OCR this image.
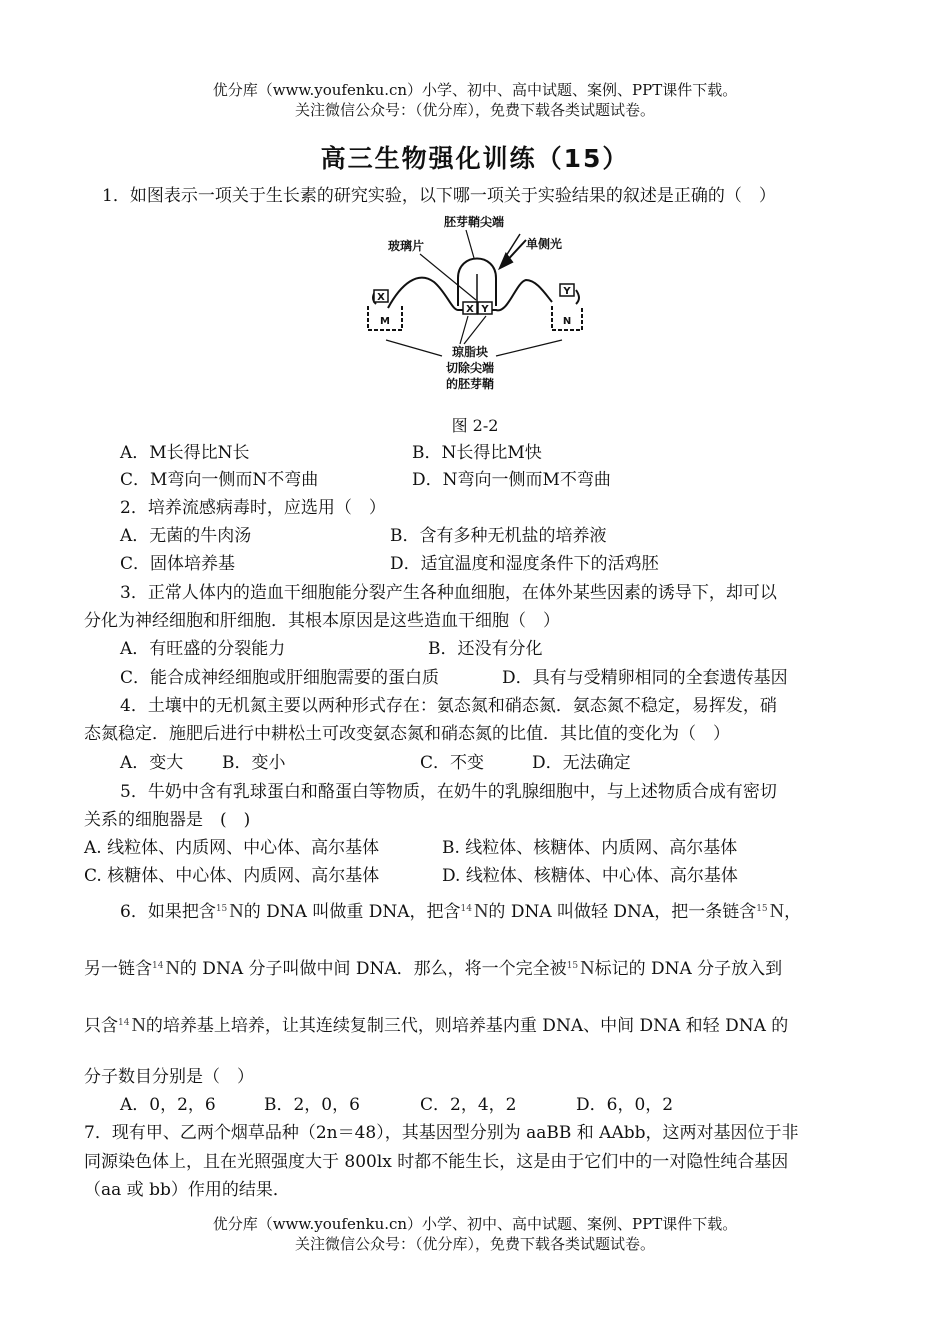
优分库（www.youfenku.cn）小学、初中、高中试题、案例、PPT课件下载。
关注微信公众号：（优分库），免费下载各类试题试卷。
高三生物强化训练（15）
1．如图表示一项关于生长素的研究实验，以下哪一项关于实验结果的叙述是正确的（　）
X
Y
X Y
M	N
胚芽鞘尖端
玻璃片	单侧光
琼脂块
切除尖端
的胚芽鞘
图 2-2
A．M长得比N长	B．N长得比M快
C．M弯向一侧而N不弯曲	D．N弯向一侧而M不弯曲
2．培养流感病毒时，应选用（　）
A．无菌的牛肉汤	B．含有多种无机盐的培养液
C．固体培养基	D．适宜温度和湿度条件下的活鸡胚
3．正常人体内的造血干细胞能分裂产生各种血细胞，在体外某些因素的诱导下，却可以
分化为神经细胞和肝细胞．其根本原因是这些造血干细胞（　）
A．有旺盛的分裂能力	B．还没有分化
C．能合成神经细胞或肝细胞需要的蛋白质	D．具有与受精卵相同的全套遗传基因
4．土壤中的无机氮主要以两种形式存在：氨态氮和硝态氮．氨态氮不稳定，易挥发，硝
态氮稳定．施肥后进行中耕松土可改变氨态氮和硝态氮的比值．其比值的变化为（　）
A．变大 B．变小	C．不变	D．无法确定
5．牛奶中含有乳球蛋白和酪蛋白等物质，在奶牛的乳腺细胞中，与上述物质合成有密切
关系的细胞器是　(　)
A. 线粒体、内质网、中心体、高尔基体	B. 线粒体、核糖体、内质网、高尔基体
C. 核糖体、中心体、内质网、高尔基体	D. 线粒体、核糖体、中心体、高尔基体
6．如果把含$^{15}$ N的 DNA 叫做重 DNA，把含$^{14}$ N的 DNA 叫做轻 DNA，把一条链含$^{15}$ N，
另一链含$^{14}$ N的 DNA 分子叫做中间 DNA．那么，将一个完全被$^{15}$ N标记的 DNA 分子放入到
只含$^{14}$ N的培养基上培养，让其连续复制三代，则培养基内重 DNA、中间 DNA 和轻 DNA 的
分子数目分别是（　）
A．0，2，6	B．2，0，6	C．2，4，2	D．6，0，2
7．现有甲、乙两个烟草品种（2n＝48），其基因型分别为 aaBB 和 AAbb，这两对基因位于非
同源染色体上，且在光照强度大于 800lx 时都不能生长，这是由于它们中的一对隐性纯合基因
（aa 或 bb）作用的结果．
优分库（www.youfenku.cn）小学、初中、高中试题、案例、PPT课件下载。
关注微信公众号：（优分库），免费下载各类试题试卷。
